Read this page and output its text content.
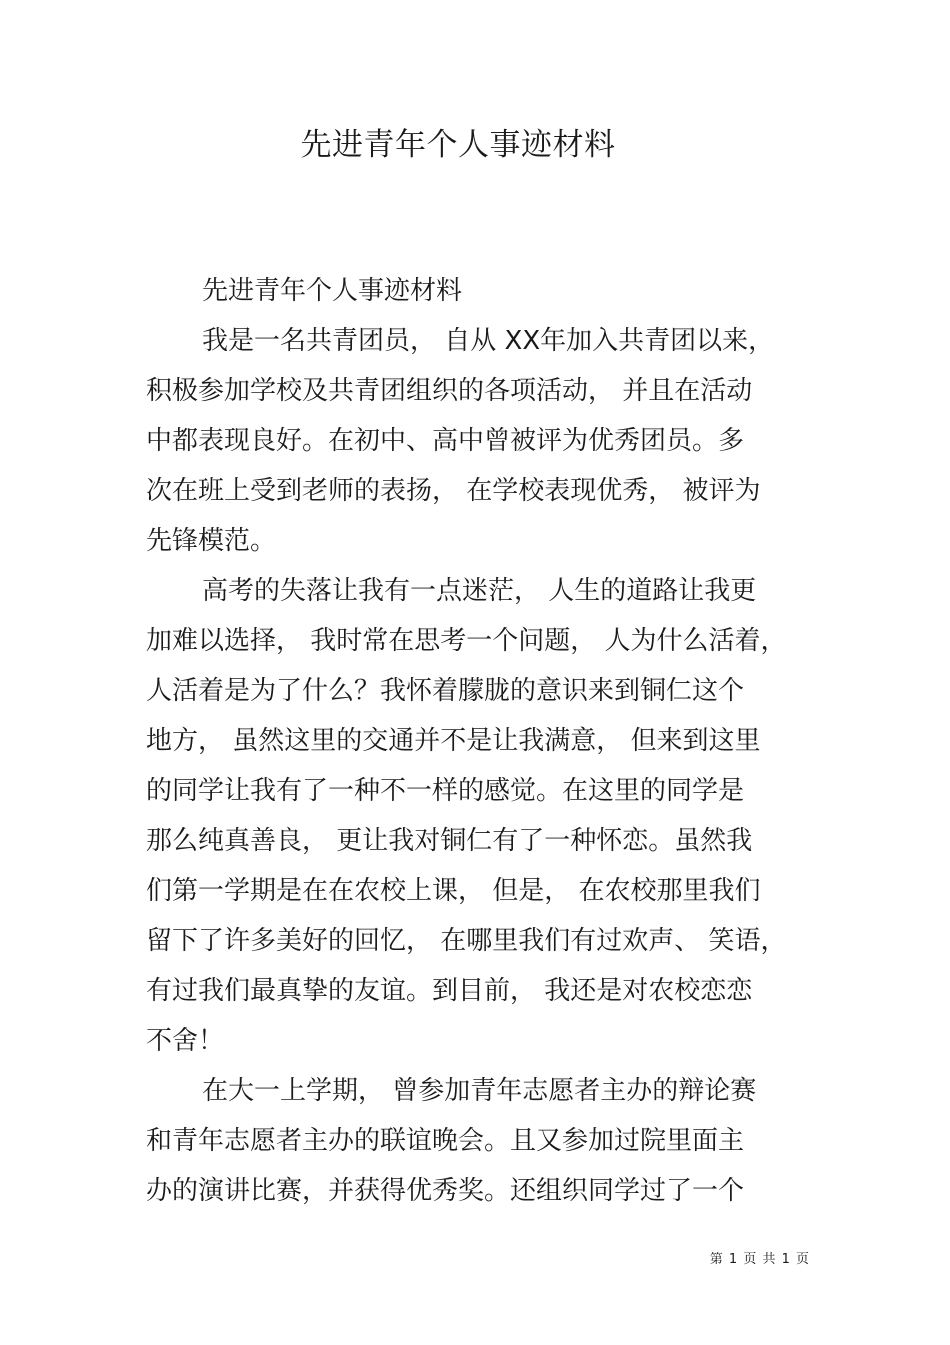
先进青年个人事迹材料
先进青年个人事迹材料
我是一名共青团员， 自从 XX年加入共青团以来，
积极参加学校及共青团组织的各项活动， 并且在活动
中都表现良好。在初中、高中曾被评为优秀团员。多
次在班上受到老师的表扬， 在学校表现优秀， 被评为
先锋模范。
高考的失落让我有一点迷茫， 人生的道路让我更
加难以选择， 我时常在思考一个问题， 人为什么活着，
人活着是为了什么？我怀着朦胧的意识来到铜仁这个
地方， 虽然这里的交通并不是让我满意， 但来到这里
的同学让我有了一种不一样的感觉。在这里的同学是
那么纯真善良， 更让我对铜仁有了一种怀恋。虽然我
们第一学期是在在农校上课， 但是， 在农校那里我们
留下了许多美好的回忆， 在哪里我们有过欢声、 笑语，
有过我们最真挚的友谊。到目前， 我还是对农校恋恋
不舍！
在大一上学期， 曾参加青年志愿者主办的辩论赛
和青年志愿者主办的联谊晚会。且又参加过院里面主
办的演讲比赛，并获得优秀奖。还组织同学过了一个
第 1 页 共 1 页
